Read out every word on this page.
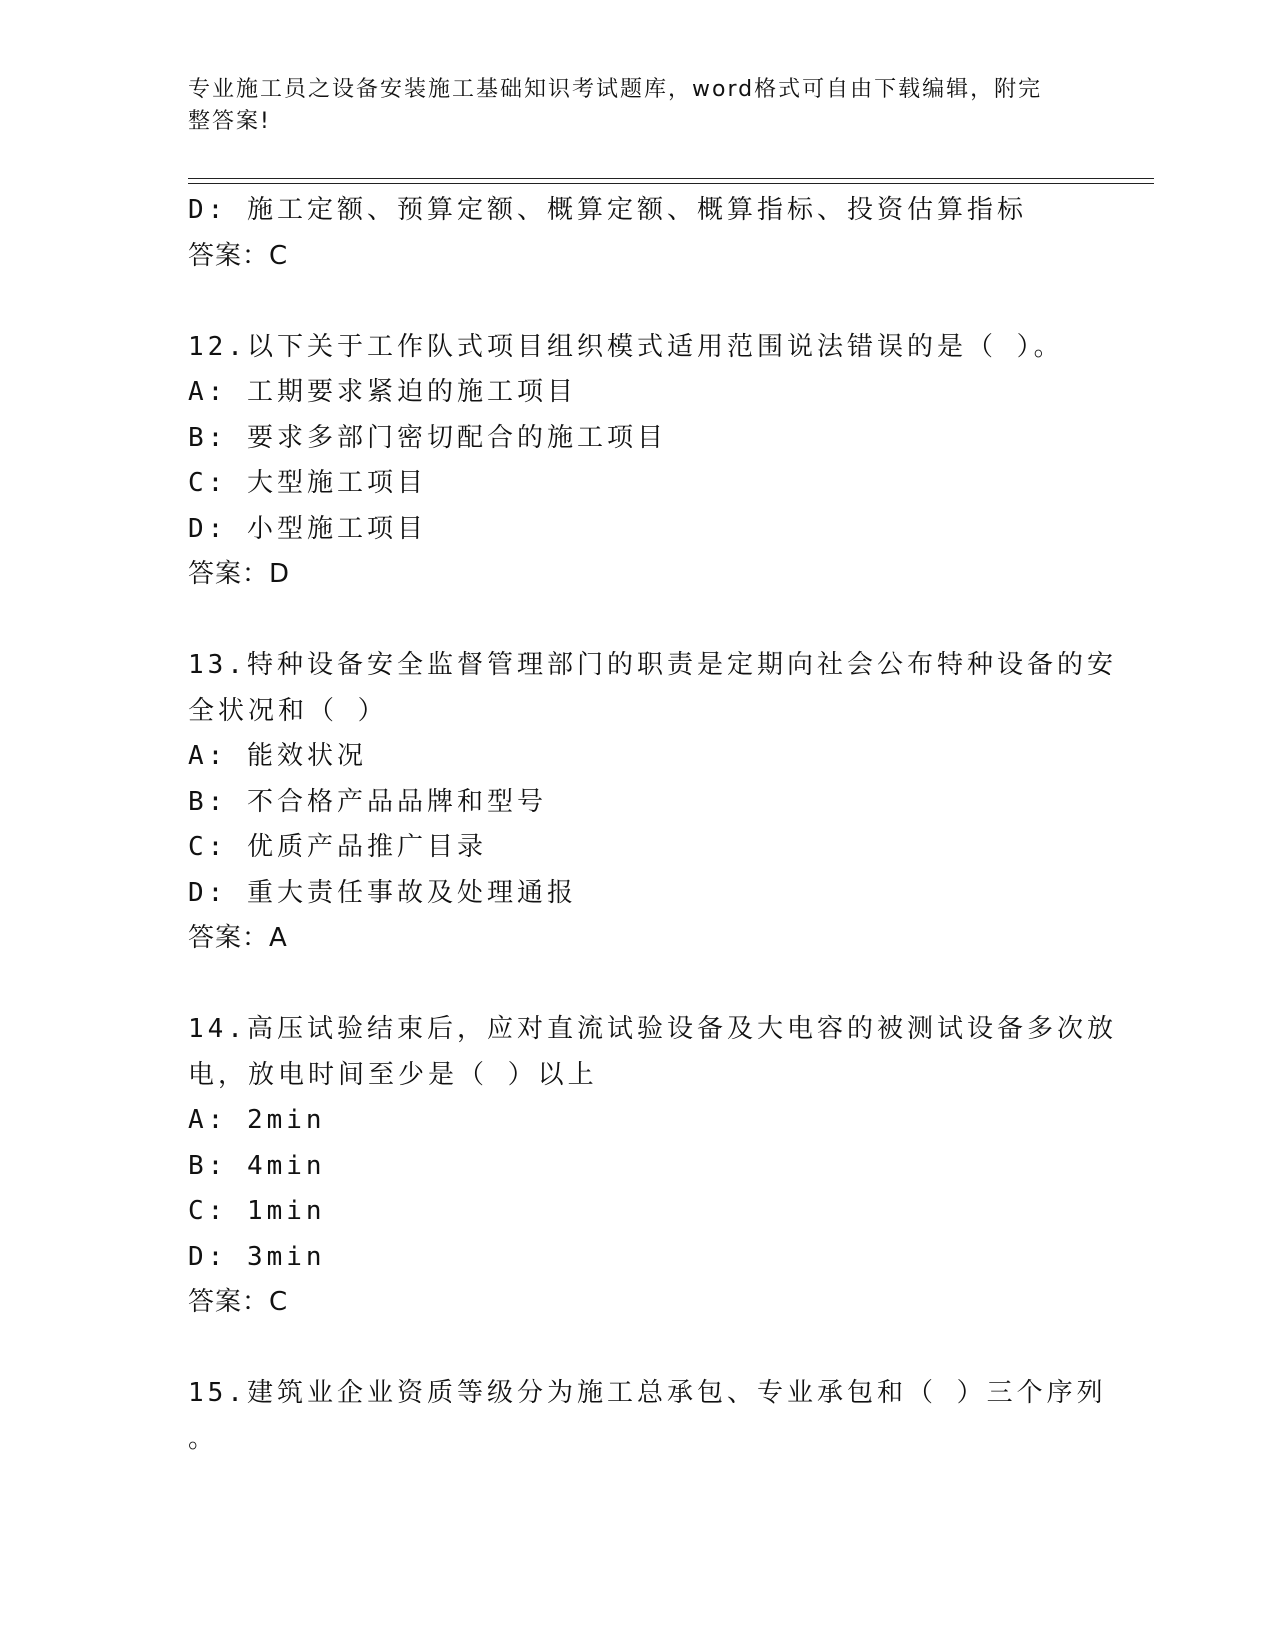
专业施工员之设备安装施工基础知识考试题库，word格式可自由下载编辑，附完
整答案!
D: 施工定额、预算定额、概算定额、概算指标、投资估算指标
答案：C
12.以下关于工作队式项目组织模式适用范围说法错误的是（ ）。
A: 工期要求紧迫的施工项目
B: 要求多部门密切配合的施工项目
C: 大型施工项目
D: 小型施工项目
答案：D
13.特种设备安全监督管理部门的职责是定期向社会公布特种设备的安
全状况和（ ）
A: 能效状况
B: 不合格产品品牌和型号
C: 优质产品推广目录
D: 重大责任事故及处理通报
答案：A
14.高压试验结束后，应对直流试验设备及大电容的被测试设备多次放
电，放电时间至少是（ ）以上
A: 2min
B: 4min
C: 1min
D: 3min
答案：C
15.建筑业企业资质等级分为施工总承包、专业承包和（ ）三个序列
。
